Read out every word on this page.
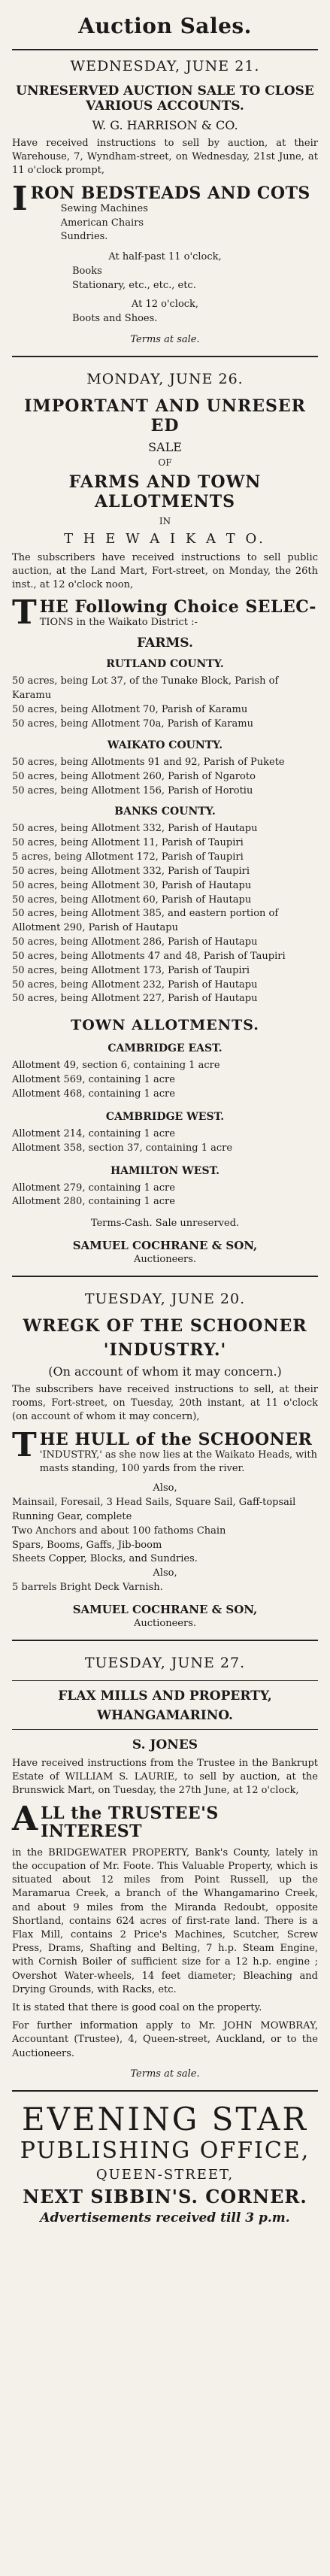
Auction Sales.
WEDNESDAY, JUNE 21.
UNRESERVED AUCTION SALE TO CLOSE VARIOUS ACCOUNTS.
W. G. HARRISON & CO.

Have received instructions to sell by auction, at their Warehouse, 7, Wyndham-street, on Wednesday, 21st June, at 11 o'clock prompt,

I RON BEDSTEADS AND COTS
Sewing Machines
American Chairs
Sundries.
At half-past 11 o'clock,
Books
Stationary, etc., etc., etc.
At 12 o'clock,
Boots and Shoes.
Terms at sale.
MONDAY, JUNE 26.
IMPORTANT AND UNRESER ED
SALE
OF
FARMS AND TOWN ALLOTMENTS
IN
T H E W A I K A T O.

The subscribers have received instructions to sell public auction, at the Land Mart, Fort-street, on Monday, the 26th inst., at 12 o'clock noon,

T HE Following Choice SELEC-
TIONS in the Waikato District :-
FARMS.
RUTLAND COUNTY.
50 acres, being Lot 37, of the Tunake Block, Parish of Karamu
50 acres, being Allotment 70, Parish of Karamu
50 acres, being Allotment 70a, Parish of Karamu
WAIKATO COUNTY.
50 acres, being Allotments 91 and 92, Parish of Pukete
50 acres, being Allotment 260, Parish of Ngaroto
50 acres, being Allotment 156, Parish of Horotiu
BANKS COUNTY.
50 acres, being Allotment 332, Parish of Hautapu
50 acres, being Allotment 11, Parish of Taupiri
5 acres, being Allotment 172, Parish of Taupiri
50 acres, being Allotment 332, Parish of Taupiri
50 acres, being Allotment 30, Parish of Hautapu
50 acres, being Allotment 60, Parish of Hautapu
50 acres, being Allotment 385, and eastern portion of Allotment 290, Parish of Hautapu
50 acres, being Allotment 286, Parish of Hautapu
50 acres, being Allotments 47 and 48, Parish of Taupiri
50 acres, being Allotment 173, Parish of Taupiri
50 acres, being Allotment 232, Parish of Hautapu
50 acres, being Allotment 227, Parish of Hautapu
TOWN ALLOTMENTS.
CAMBRIDGE EAST.
Allotment 49, section 6, containing 1 acre
Allotment 569, containing 1 acre
Allotment 468, containing 1 acre
CAMBRIDGE WEST.
Allotment 214, containing 1 acre
Allotment 358, section 37, containing 1 acre
HAMILTON WEST.
Allotment 279, containing 1 acre
Allotment 280, containing 1 acre
Terms-Cash. Sale unreserved.
SAMUEL COCHRANE & SON,
Auctioneers.
TUESDAY, JUNE 20.
WREGK OF THE SCHOONER
'INDUSTRY.'
(On account of whom it may concern.)

The subscribers have received instructions to sell, at their rooms, Fort-street, on Tuesday, 20th instant, at 11 o'clock (on account of whom it may concern),

T HE HULL of the SCHOONER
'INDUSTRY,' as she now lies at the Waikato Heads, with masts standing, 100 yards from the river.
Also,
Mainsail, Foresail, 3 Head Sails, Square Sail, Gaff-topsail
Running Gear, complete
Two Anchors and about 100 fathoms Chain
Spars, Booms, Gaffs, Jib-boom
Sheets Copper, Blocks, and Sundries.
Also,
5 barrels Bright Deck Varnish.
SAMUEL COCHRANE & SON,
Auctioneers.
TUESDAY, JUNE 27.
FLAX MILLS AND PROPERTY,
WHANGAMARINO.
S. JONES

Have received instructions from the Trustee in the Bankrupt Estate of WILLIAM S. LAURIE, to sell by auction, at the Brunswick Mart, on Tuesday, the 27th June, at 12 o'clock,

A LL the TRUSTEE'S INTEREST

in the BRIDGEWATER PROPERTY, Bank's County, lately in the occupation of Mr. Foote. This Valuable Property, which is situated about 12 miles from Point Russell, up the Maramarua Creek, a branch of the Whangamarino Creek, and about 9 miles from the Miranda Redoubt, opposite Shortland, contains 624 acres of first-rate land. There is a Flax Mill, contains 2 Price's Machines, Scutcher, Screw Press, Drams, Shafting and Belting, 7 h.p. Steam Engine, with Cornish Boiler of sufficient size for a 12 h.p. engine ; Overshot Water-wheels, 14 feet diameter; Bleaching and Drying Grounds, with Racks, etc.

It is stated that there is good coal on the property.

For further information apply to Mr. JOHN MOWBRAY, Accountant (Trustee), 4, Queen-street, Auckland, or to the Auctioneers.

Terms at sale.
EVENING STAR
PUBLISHING OFFICE,
QUEEN-STREET,
NEXT SIBBIN'S. CORNER.
Advertisements received till 3 p.m.
